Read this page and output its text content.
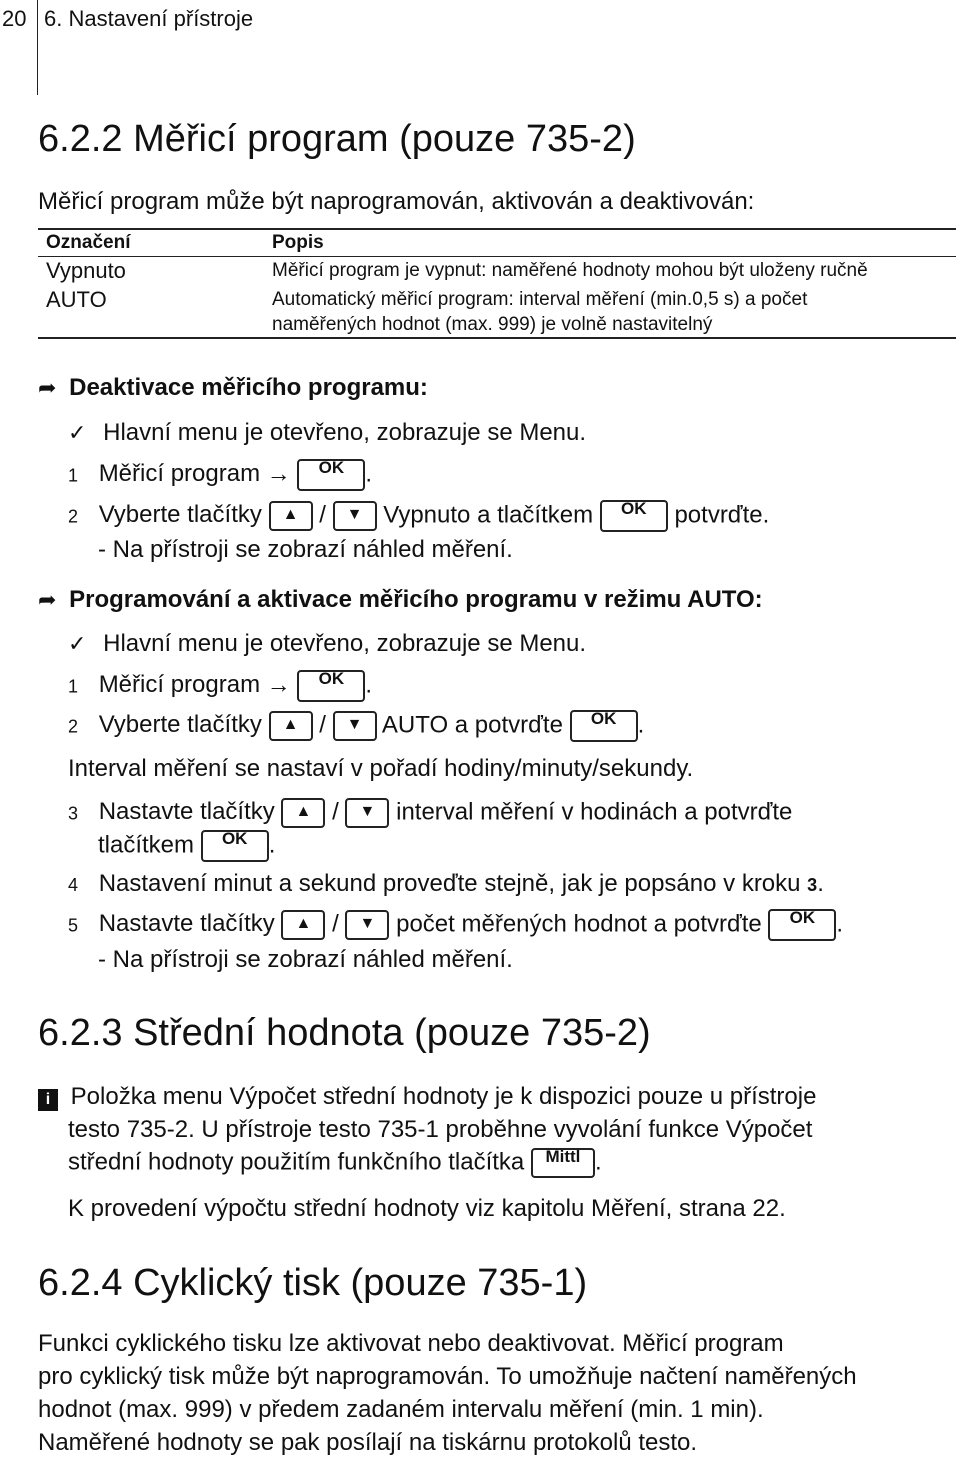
20 6. Nastavení přístroje
6.2.2 Měřicí program (pouze 735-2)
Měřicí program může být naprogramován, aktivován a deaktivován:
Označení	Popis
Vypnuto	Měřicí program je vypnut: naměřené hodnoty mohou být uloženy ručně
AUTO	Automatický měřicí program: interval měření (min.0,5 s) a počet
naměřených hodnot (max. 999) je volně nastavitelný
➦ Deaktivace měřicího programu:
✓ Hlavní menu je otevřeno, zobrazuje se Menu.
1 Měřicí program →	OK .
2 Vyberte tlačítky	▲ /	▼ Vypnuto a tlačítkem	OK	potvrďte.
- Na přístroji se zobrazí náhled měření.
➦ Programování a aktivace měřicího programu v režimu AUTO:
✓ Hlavní menu je otevřeno, zobrazuje se Menu.
1 Měřicí program →	OK .
2 Vyberte tlačítky	▲ /	▼ AUTO a potvrďte	OK .
Interval měření se nastaví v pořadí hodiny/minuty/sekundy.
3 Nastavte tlačítky	▲ /	▼ interval měření v hodinách a potvrďte
tlačítkem	OK .
4 Nastavení minut a sekund proveďte stejně, jak je popsáno v kroku 3.
5 Nastavte tlačítky	▲ /	▼ počet měřených hodnot a potvrďte	OK .
- Na přístroji se zobrazí náhled měření.
6.2.3 Střední hodnota (pouze 735-2)
i Položka menu Výpočet střední hodnoty je k dispozici pouze u přístroje
testo 735-2. U přístroje testo 735-1 proběhne vyvolání funkce Výpočet
střední hodnoty použitím funkčního tlačítka	Mittl .
K provedení výpočtu střední hodnoty viz kapitolu Měření, strana 22.
6.2.4 Cyklický tisk (pouze 735-1)
Funkci cyklického tisku lze aktivovat nebo deaktivovat. Měřicí program
pro cyklický tisk může být naprogramován. To umožňuje načtení naměřených
hodnot (max. 999) v předem zadaném intervalu měření (min. 1 min).
Naměřené hodnoty se pak posílají na tiskárnu protokolů testo.
